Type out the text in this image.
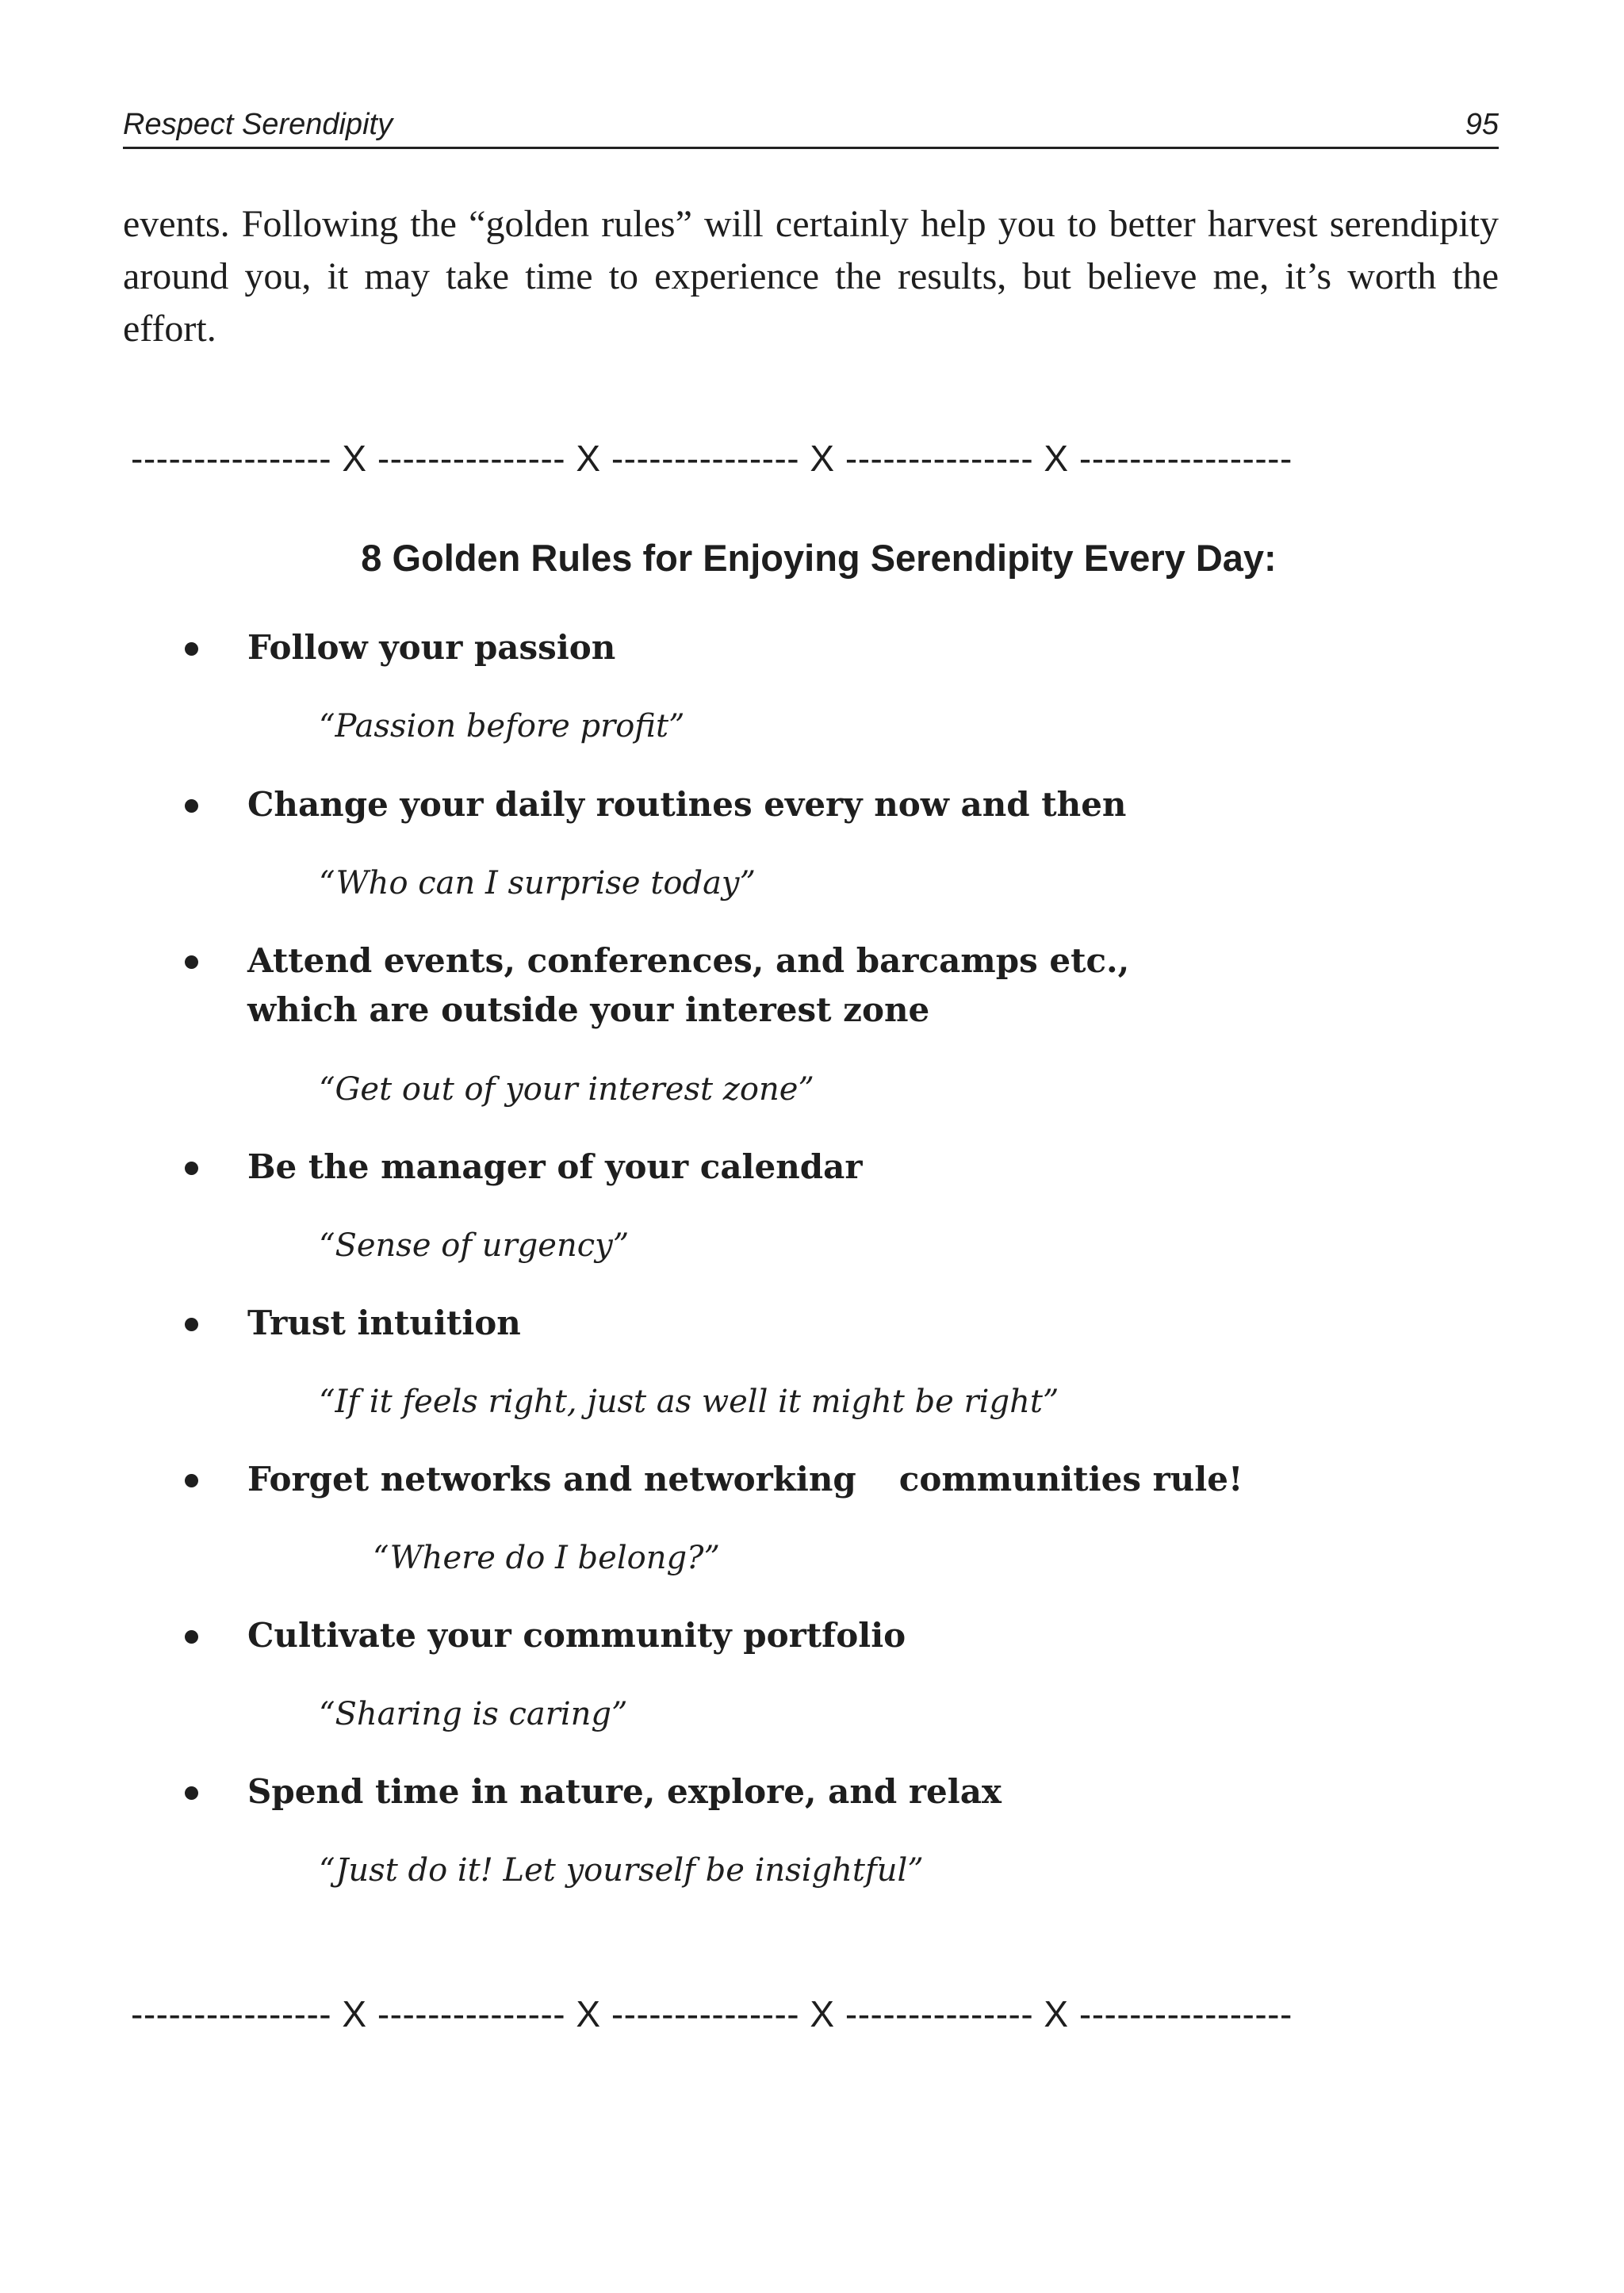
Respect Serendipity	95

events. Following the “golden rules” will certainly help you to better harvest serendipity around you, it may take time to experience the results, but believe me, it’s worth the effort.

---------------- X --------------- X --------------- X --------------- X -----------------
8 Golden Rules for Enjoying Serendipity Every Day:

Follow your passion

“Passion before profit”

Change your daily routines every now and then

“Who can I surprise today”

Attend events, conferences, and barcamps etc.,

which are outside your interest zone

“Get out of your interest zone”

Be the manager of your calendar

“Sense of urgency”

Trust intuition

“If it feels right, just as well it might be right”

Forget networks and networking communities rule!

“Where do I belong?”

Cultivate your community portfolio

“Sharing is caring”

Spend time in nature, explore, and relax

“Just do it! Let yourself be insightful”

---------------- X --------------- X --------------- X --------------- X -----------------
